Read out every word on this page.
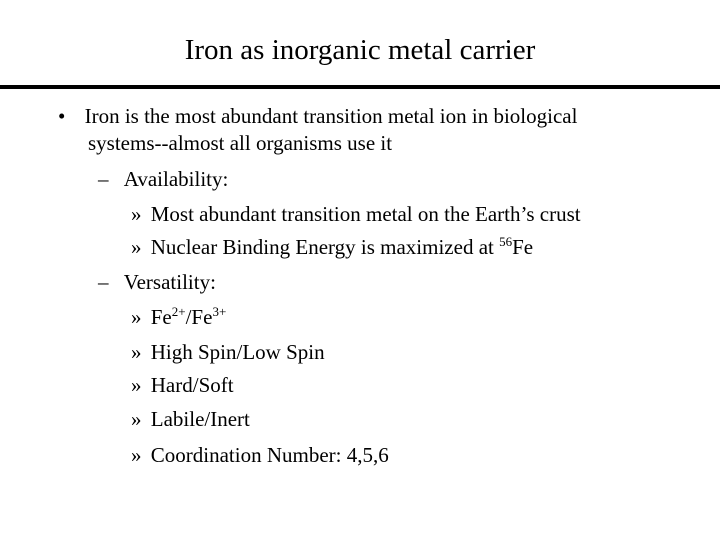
Iron as inorganic metal carrier
• Iron is the most abundant transition metal ion in biological
systems--almost all organisms use it
– Availability:
» Most abundant transition metal on the Earth’s crust
» Nuclear Binding Energy is maximized at $^{56}$Fe
– Versatility:
» $Fe^{2+}/Fe^{3+}$
» High Spin/Low Spin
» Hard/Soft
» Labile/Inert
» Coordination Number: 4,5,6
